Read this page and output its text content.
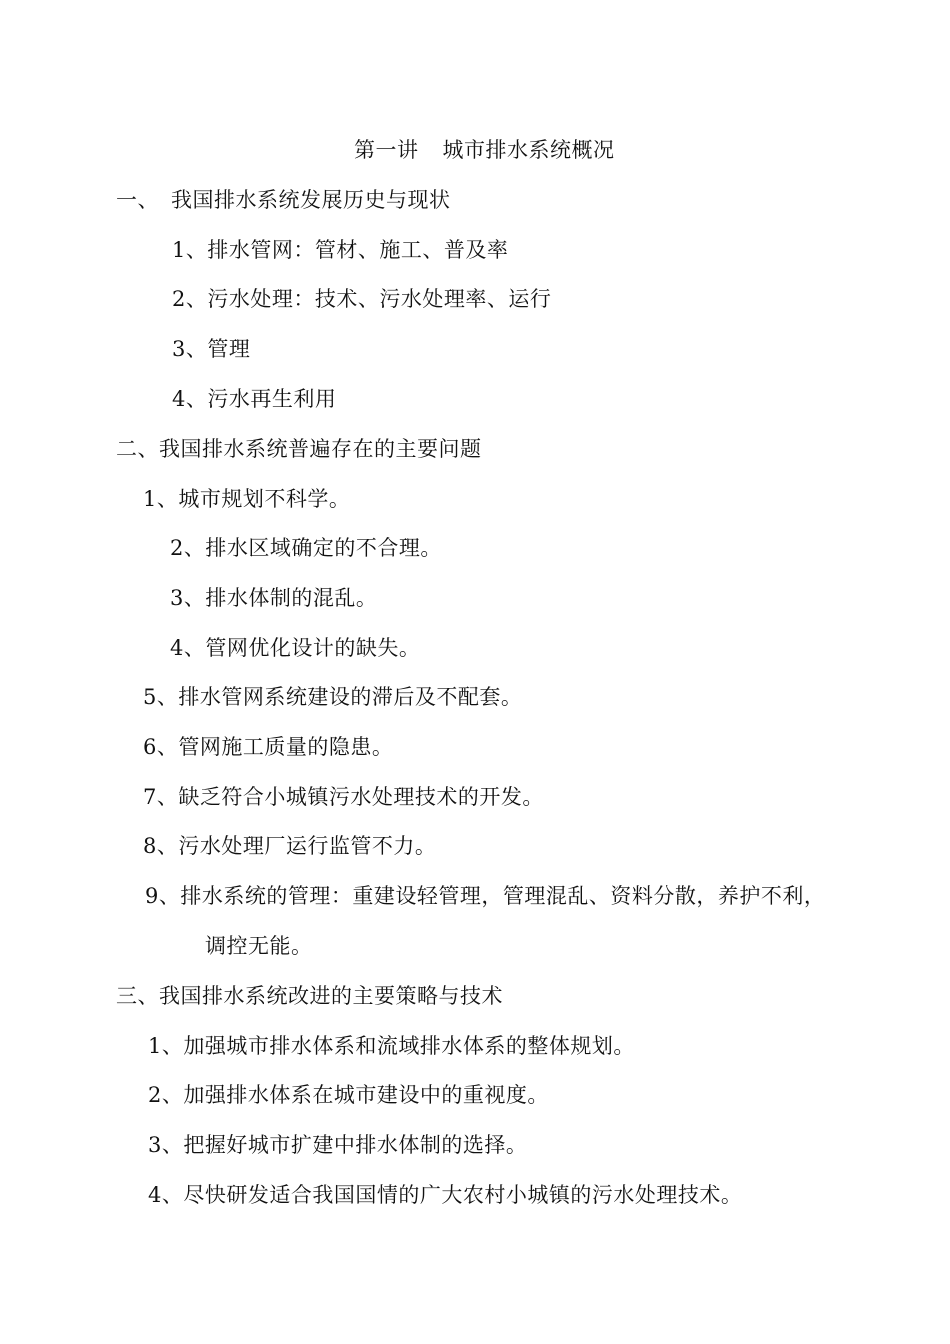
第一讲 城市排水系统概况
一、 我国排水系统发展历史与现状
1、排水管网：管材、施工、普及率
2、污水处理：技术、污水处理率、运行
3、管理
4、污水再生利用
二、我国排水系统普遍存在的主要问题
1、城市规划不科学。
2、排水区域确定的不合理。
3、排水体制的混乱。
4、管网优化设计的缺失。
5、排水管网系统建设的滞后及不配套。
6、管网施工质量的隐患。
7、缺乏符合小城镇污水处理技术的开发。
8、污水处理厂运行监管不力。
9、排水系统的管理：重建设轻管理，管理混乱、资料分散，养护不利，
调控无能。
三、我国排水系统改进的主要策略与技术
1、加强城市排水体系和流域排水体系的整体规划。
2、加强排水体系在城市建设中的重视度。
3、把握好城市扩建中排水体制的选择。
4、尽快研发适合我国国情的广大农村小城镇的污水处理技术。
